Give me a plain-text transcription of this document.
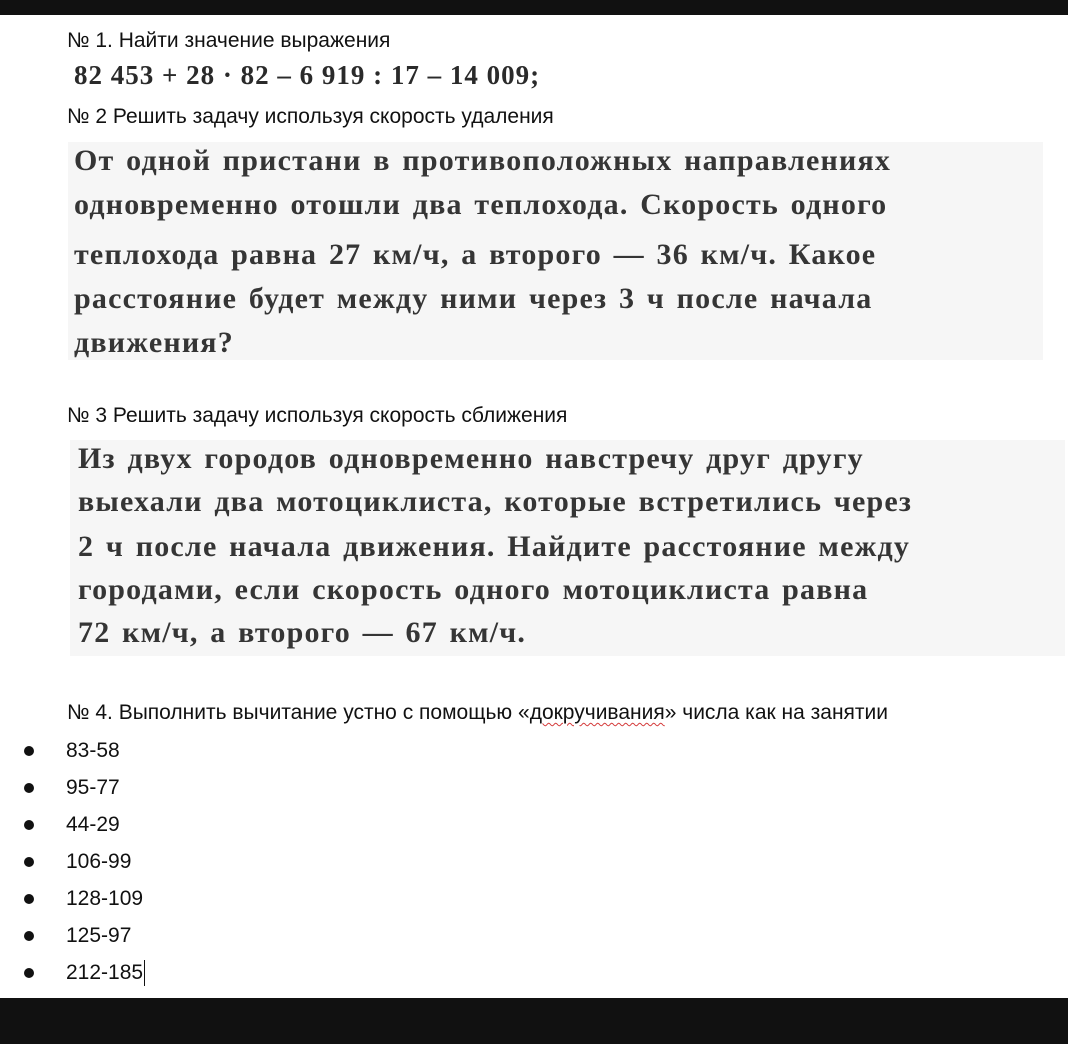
№ 1. Найти значение выражения
82 453 + 28 · 82 – 6 919 : 17 – 14 009;
№ 2 Решить задачу используя скорость удаления
От одной пристани в противоположных направлениях
одновременно отошли два теплохода. Скорость одного
теплохода равна 27 км/ч, а второго — 36 км/ч. Какое
расстояние будет между ними через 3 ч после начала
движения?
№ 3 Решить задачу используя скорость сближения
Из двух городов одновременно навстречу друг другу
выехали два мотоциклиста, которые встретились через
2 ч после начала движения. Найдите расстояние между
городами, если скорость одного мотоциклиста равна
72 км/ч, а второго — 67 км/ч.
№ 4. Выполнить вычитание устно с помощью «докручивания» числа как на занятии
83-58
95-77
44-29
106-99
128-109
125-97
212-185
